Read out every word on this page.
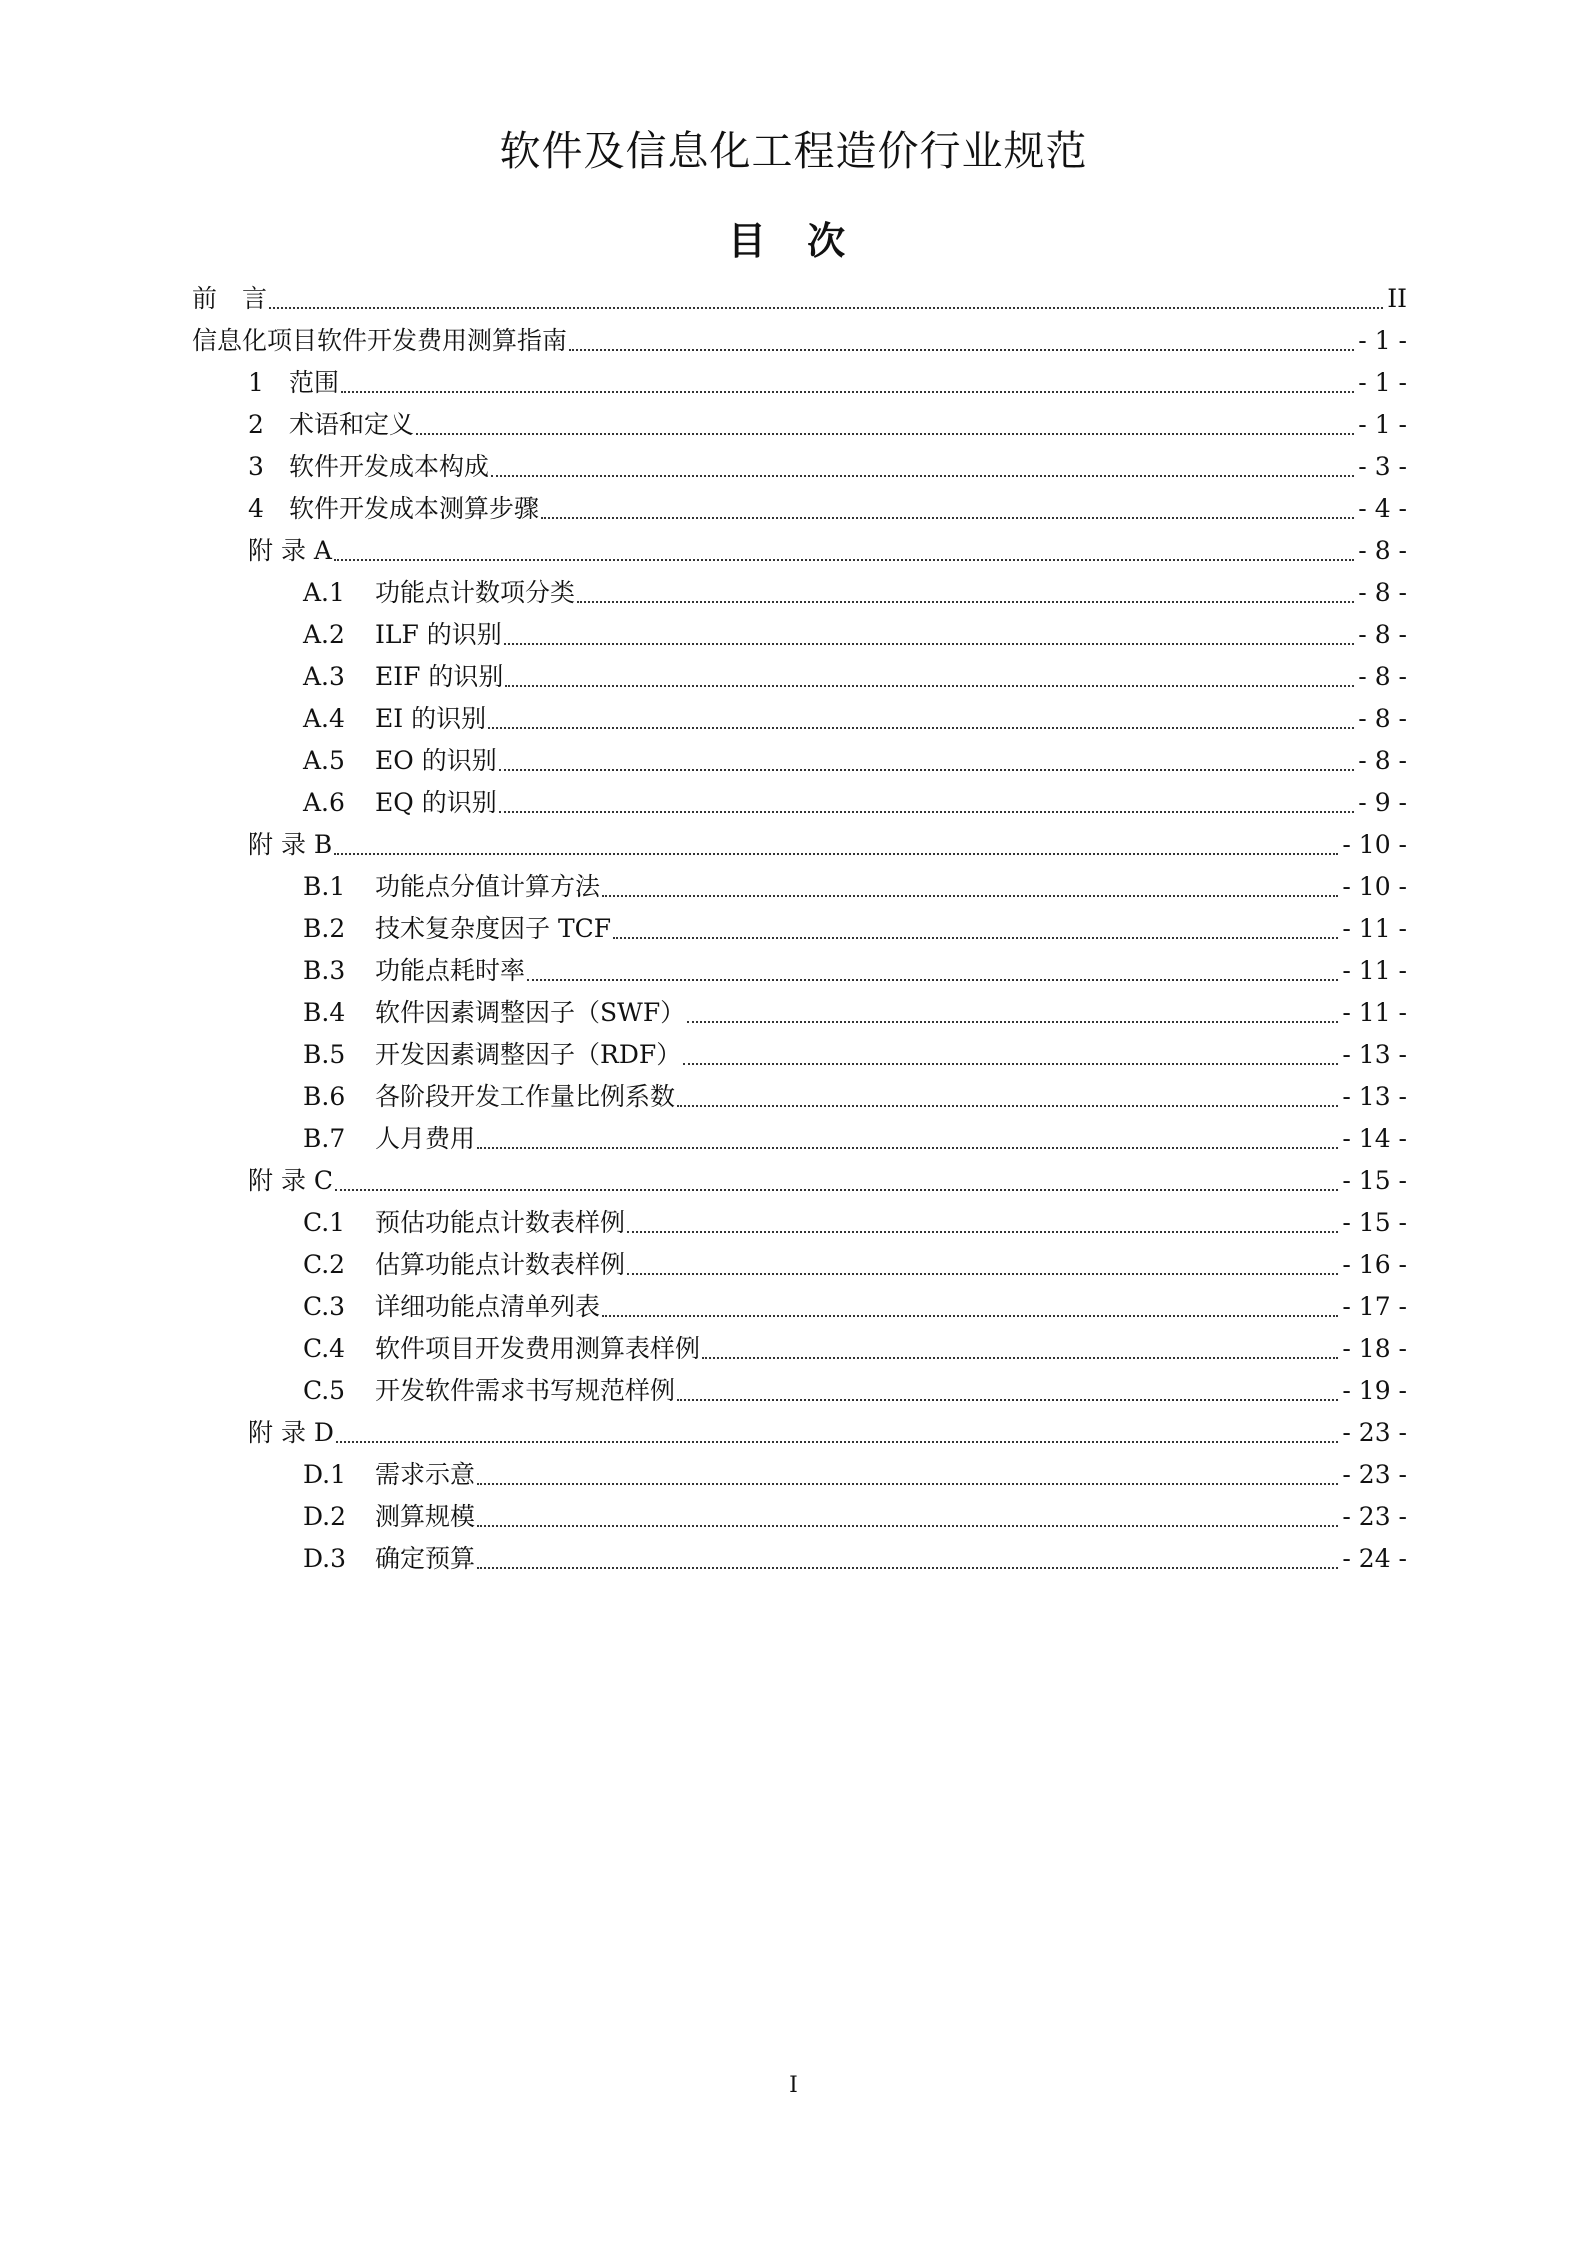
软件及信息化工程造价行业规范
目 次
前　言	II
信息化项目软件开发费用测算指南	- 1 -
1	范围	- 1 -
2	术语和定义	- 1 -
3	软件开发成本构成	- 3 -
4	软件开发成本测算步骤	- 4 -
附 录 A	- 8 -
A.1	功能点计数项分类	- 8 -
A.2	ILF 的识别	- 8 -
A.3	EIF 的识别	- 8 -
A.4	EI 的识别	- 8 -
A.5	EO 的识别	- 8 -
A.6	EQ 的识别	- 9 -
附 录 B	- 10 -
B.1	功能点分值计算方法	- 10 -
B.2	技术复杂度因子 TCF	- 11 -
B.3	功能点耗时率	- 11 -
B.4	软件因素调整因子（SWF）	- 11 -
B.5	开发因素调整因子（RDF）	- 13 -
B.6	各阶段开发工作量比例系数	- 13 -
B.7	人月费用	- 14 -
附 录 C	- 15 -
C.1	预估功能点计数表样例	- 15 -
C.2	估算功能点计数表样例	- 16 -
C.3	详细功能点清单列表	- 17 -
C.4	软件项目开发费用测算表样例	- 18 -
C.5	开发软件需求书写规范样例	- 19 -
附 录 D	- 23 -
D.1	需求示意	- 23 -
D.2	测算规模	- 23 -
D.3	确定预算	- 24 -
I
